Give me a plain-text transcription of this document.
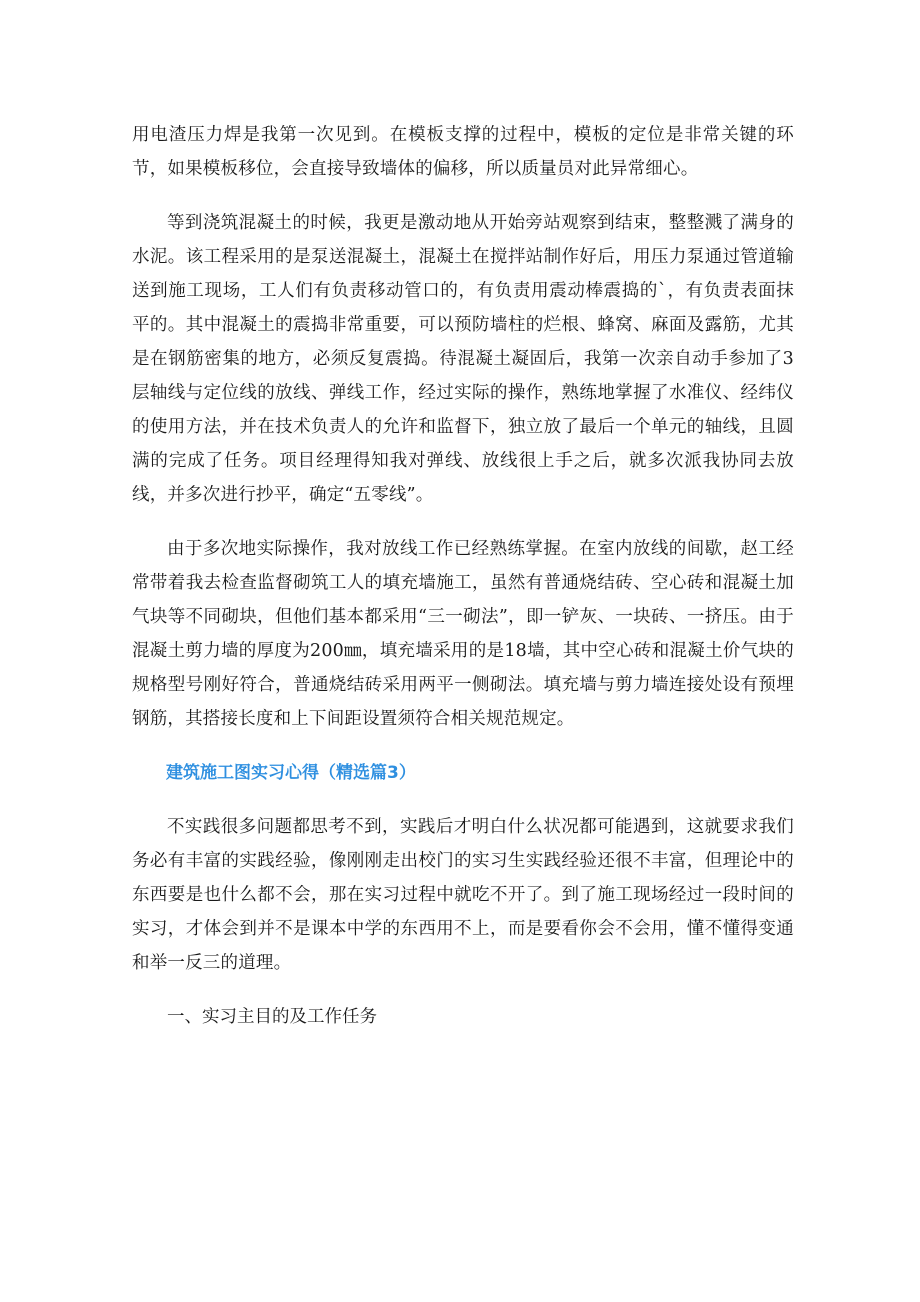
用电渣压力焊是我第一次见到。在模板支撑的过程中，模板的定位是非常关键的环节，如果模板移位，会直接导致墙体的偏移，所以质量员对此异常细心。

等到浇筑混凝土的时候，我更是激动地从开始旁站观察到结束，整整溅了满身的水泥。该工程采用的是泵送混凝土，混凝土在搅拌站制作好后，用压力泵通过管道输送到施工现场，工人们有负责移动管口的，有负责用震动棒震捣的`，有负责表面抹平的。其中混凝土的震捣非常重要，可以预防墙柱的烂根、蜂窝、麻面及露筋，尤其是在钢筋密集的地方，必须反复震捣。待混凝土凝固后，我第一次亲自动手参加了3层轴线与定位线的放线、弹线工作，经过实际的操作，熟练地掌握了水准仪、经纬仪的使用方法，并在技术负责人的允许和监督下，独立放了最后一个单元的轴线，且圆满的完成了任务。项目经理得知我对弹线、放线很上手之后，就多次派我协同去放线，并多次进行抄平，确定“五零线”。

由于多次地实际操作，我对放线工作已经熟练掌握。在室内放线的间歇，赵工经常带着我去检查监督砌筑工人的填充墙施工，虽然有普通烧结砖、空心砖和混凝土加气块等不同砌块，但他们基本都采用“三一砌法”，即一铲灰、一块砖、一挤压。由于混凝土剪力墙的厚度为200㎜，填充墙采用的是18墙，其中空心砖和混凝土价气块的规格型号刚好符合，普通烧结砖采用两平一侧砌法。填充墙与剪力墙连接处设有预埋钢筋，其搭接长度和上下间距设置须符合相关规范规定。

建筑施工图实习心得（精选篇3）

不实践很多问题都思考不到，实践后才明白什么状况都可能遇到，这就要求我们务必有丰富的实践经验，像刚刚走出校门的实习生实践经验还很不丰富，但理论中的东西要是也什么都不会，那在实习过程中就吃不开了。到了施工现场经过一段时间的实习，才体会到并不是课本中学的东西用不上，而是要看你会不会用，懂不懂得变通和举一反三的道理。

一、实习主目的及工作任务
